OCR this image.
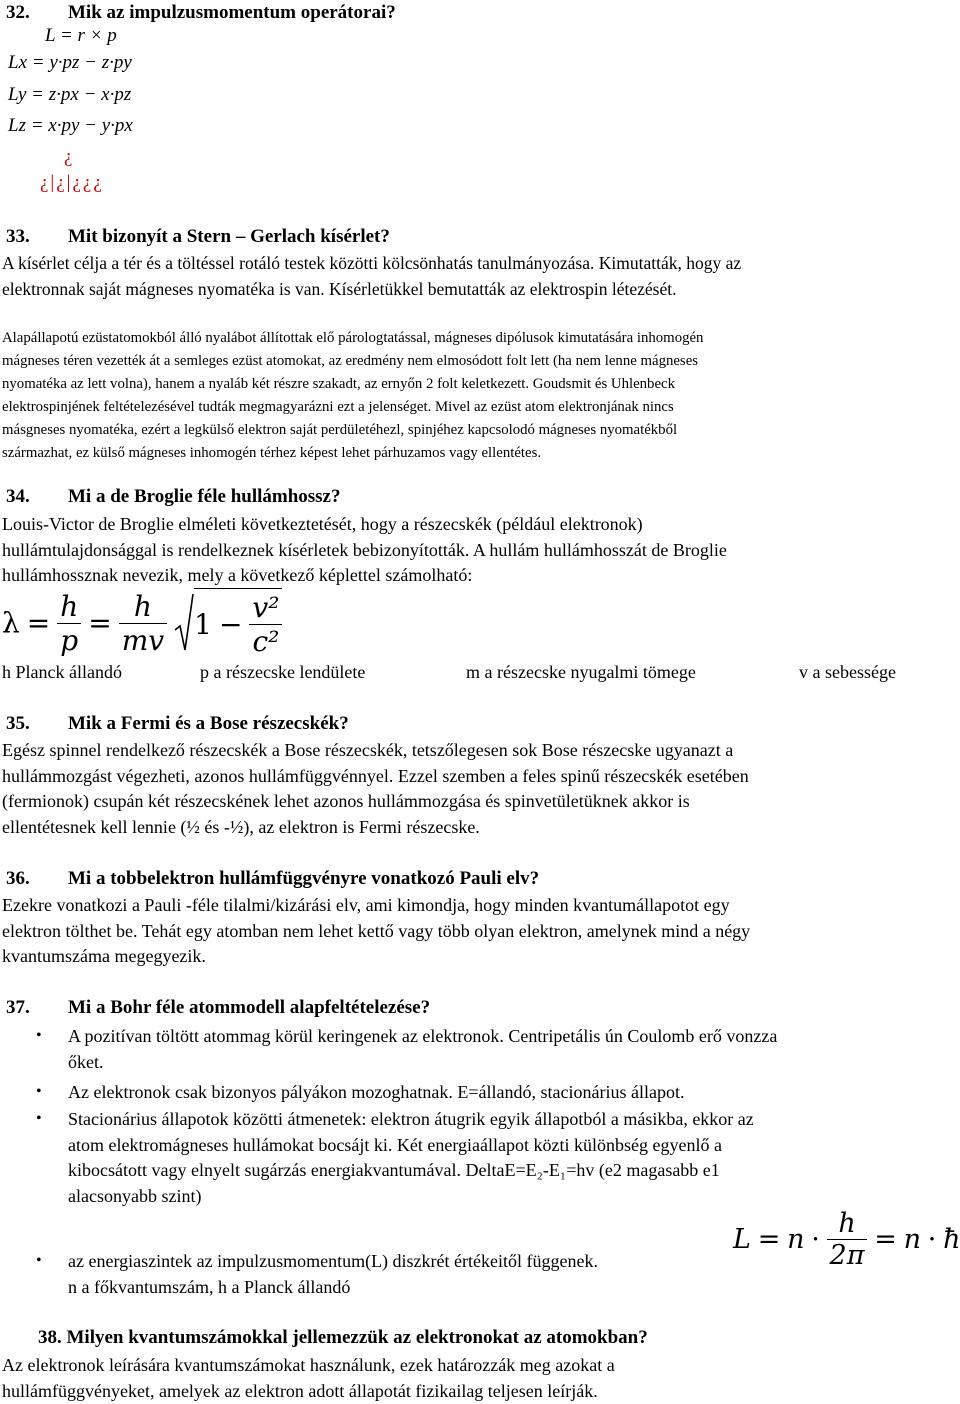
32. Mik az impulzusmomentum operátorai?
L = r × p
Lx = y·pz − z·py
Ly = z·px − x·pz
Lz = x·py − y·px
¿
¿|¿|¿¿¿
33. Mit bizonyít a Stern – Gerlach kísérlet?
A kísérlet célja a tér és a töltéssel rotáló testek közötti kölcsönhatás tanulmányozása. Kimutatták, hogy az
elektronnak saját mágneses nyomatéka is van. Kísérletükkel bemutatták az elektrospin létezését.
Alapállapotú ezüstatomokból álló nyalábot állítottak elő párologtatással, mágneses dipólusok kimutatására inhomogén
mágneses téren vezették át a semleges ezüst atomokat, az eredmény nem elmosódott folt lett (ha nem lenne mágneses
nyomatéka az lett volna), hanem a nyaláb két részre szakadt, az ernyőn 2 folt keletkezett. Goudsmit és Uhlenbeck
elektrospinjének feltételezésével tudták megmagyarázni ezt a jelenséget. Mivel az ezüst atom elektronjának nincs
másgneses nyomatéka, ezért a legkülső elektron saját perdületéhezl, spinjéhez kapcsolodó mágneses nyomatékből
származhat, ez külső mágneses inhomogén térhez képest lehet párhuzamos vagy ellentétes.
34. Mi a de Broglie féle hullámhossz?
Louis-Victor de Broglie elméleti következtetését, hogy a részecskék (például elektronok)
hullámtulajdonsággal is rendelkeznek kísérletek bebizonyították. A hullám hullámhosszát de Broglie
hullámhossznak nevezik, mely a következő képlettel számolható:
$\lambda = \frac{h}{p} = \frac{h}{mv} 1 - \frac{\text{v²}}{\text{c²}}$
h Planck állandó	p a részecske lendülete	m a részecske nyugalmi tömege	v a sebessége
35. Mik a Fermi és a Bose részecskék?
Egész spinnel rendelkező részecskék a Bose részecskék, tetszőlegesen sok Bose részecske ugyanazt a
hullámmozgást végezheti, azonos hullámfüggvénnyel. Ezzel szemben a feles spinű részecskék esetében
(fermionok) csupán két részecskének lehet azonos hullámmozgása és spinvetületüknek akkor is
ellentétesnek kell lennie (½ és -½), az elektron is Fermi részecske.
36. Mi a tobbelektron hullámfüggvényre vonatkozó Pauli elv?
Ezekre vonatkozi a Pauli -féle tilalmi/kizárási elv, ami kimondja, hogy minden kvantumállapotot egy
elektron tölthet be. Tehát egy atomban nem lehet kettő vagy több olyan elektron, amelynek mind a négy
kvantumszáma megegyezik.
37. Mi a Bohr féle atommodell alapfeltételezése?
• A pozitívan töltött atommag körül keringenek az elektronok. Centripetális ún Coulomb erő vonzza
őket.
• Az elektronok csak bizonyos pályákon mozoghatnak. E=állandó, stacionárius állapot.
• Stacionárius állapotok közötti átmenetek: elektron átugrik egyik állapotból a másikba, ekkor az
atom elektromágneses hullámokat bocsájt ki. Két energiaállapot közti különbség egyenlő a
kibocsátott vagy elnyelt sugárzás energiakvantumával. DeltaE=E₂-E₁=hv (e2 magasabb e1
alacsonyabb szint)
$L = n \cdot \frac{h}{2\pi} = n$ · ħ
• az energiaszintek az impulzusmomentum(L) diszkrét értékeitől függenek.
n a főkvantumszám, h a Planck állandó
38. Milyen kvantumszámokkal jellemezzük az elektronokat az atomokban?
Az elektronok leírására kvantumszámokat használunk, ezek határozzák meg azokat a
hullámfüggvényeket, amelyek az elektron adott állapotát fizikailag teljesen leírják.
